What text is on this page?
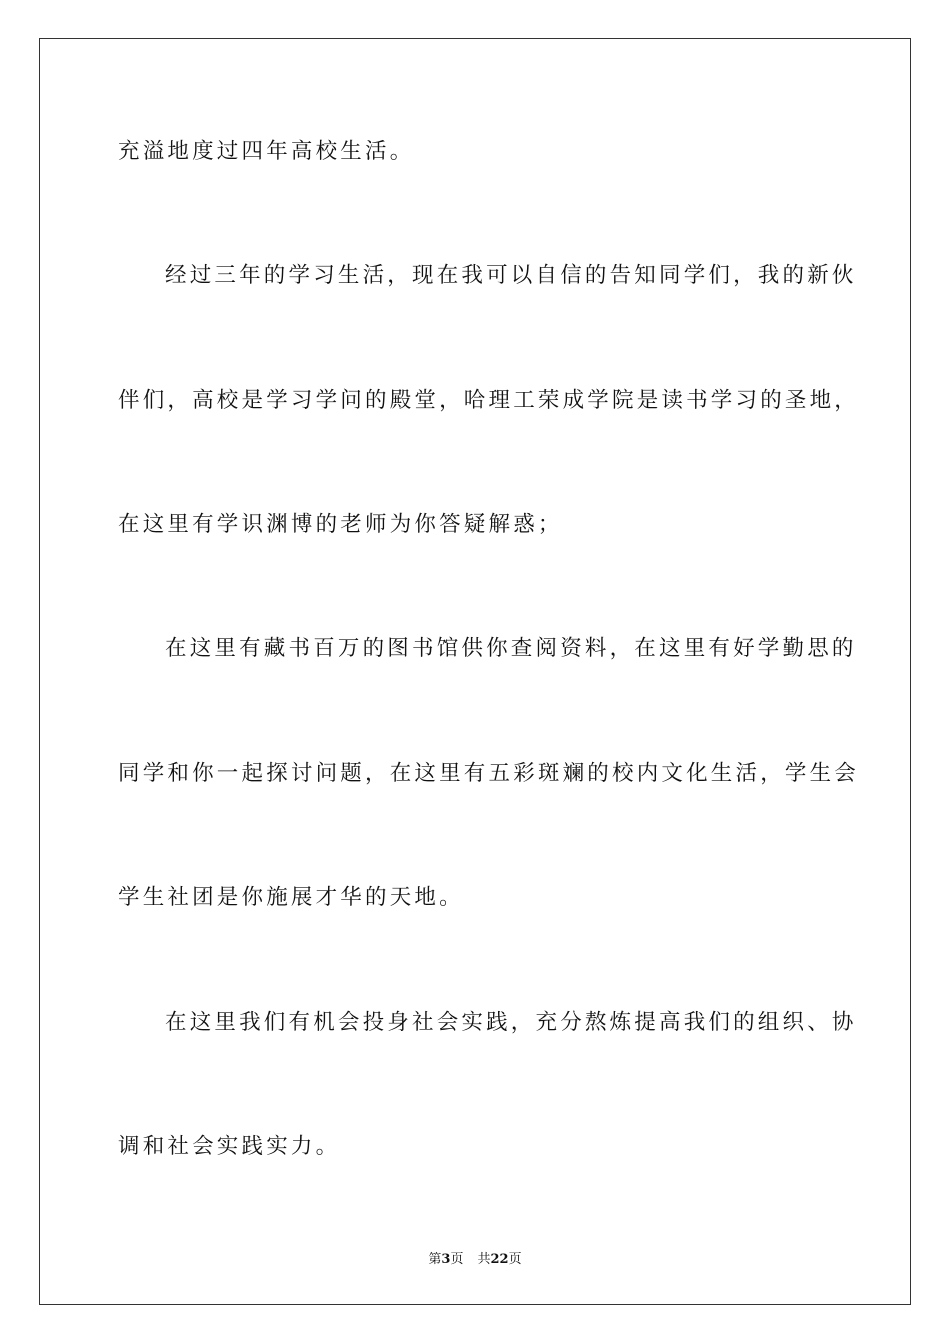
充溢地度过四年高校生活。

经过三年的学习生活，现在我可以自信的告知同学们，我的新伙

伴们，高校是学习学问的殿堂，哈理工荣成学院是读书学习的圣地，

在这里有学识渊博的老师为你答疑解惑；

在这里有藏书百万的图书馆供你查阅资料，在这里有好学勤思的

同学和你一起探讨问题，在这里有五彩斑斓的校内文化生活，学生会

学生社团是你施展才华的天地。

在这里我们有机会投身社会实践，充分熬炼提高我们的组织、协

调和社会实践实力。

第3页 共22页
